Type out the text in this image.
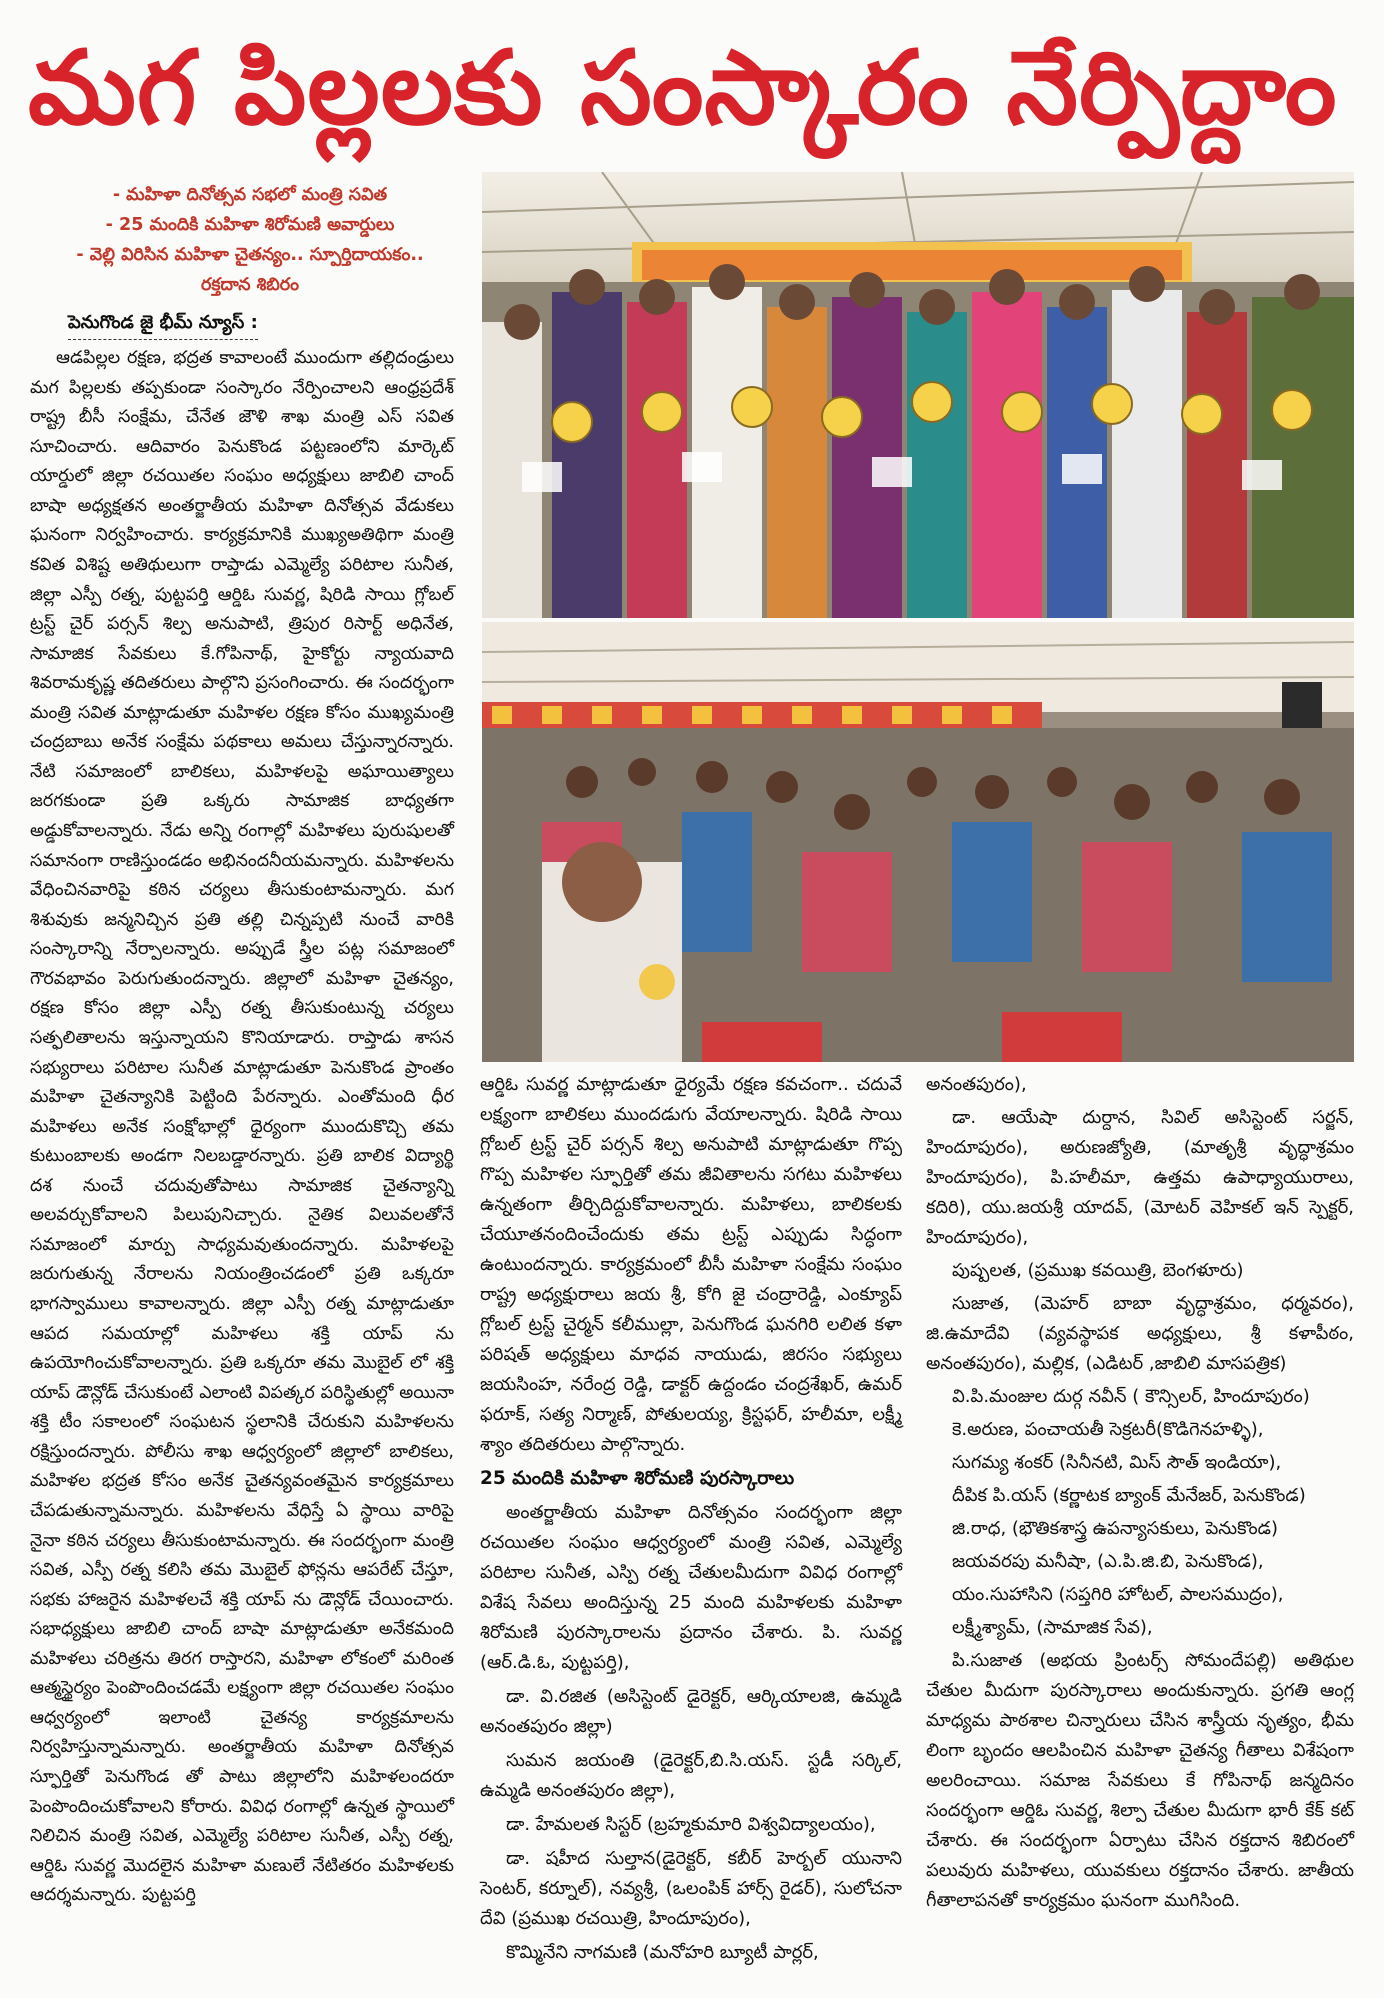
మగ పిల్లలకు సంస్కారం నేర్పిద్దాం

- మహిళా దినోత్సవ సభలో మంత్రి సవిత

- 25 మందికి మహిళా శిరోమణి అవార్డులు

- వెల్లి విరిసిన మహిళా చైతన్యం.. స్పూర్తిదాయకం..

రక్తదాన శిబిరం

పెనుగొండ జై భీమ్ న్యూస్ :

ఆడపిల్లల రక్షణ, భద్రత కావాలంటే ముందుగా తల్లిదండ్రులు మగ పిల్లలకు తప్పకుండా సంస్కారం నేర్పించాలని ఆంధ్రప్రదేశ్ రాష్ట్ర బీసీ సంక్షేమ, చేనేత జౌళి శాఖ మంత్రి ఎస్ సవిత సూచించారు. ఆదివారం పెనుకొండ పట్టణంలోని మార్కెట్ యార్డులో జిల్లా రచయితల సంఘం అధ్యక్షులు జాబిలి చాంద్ బాషా అధ్యక్షతన అంతర్జాతీయ మహిళా దినోత్సవ వేడుకలు ఘనంగా నిర్వహించారు. కార్యక్రమానికి ముఖ్యఅతిథిగా మంత్రి కవిత విశిష్ట అతిథులుగా రాప్తాడు ఎమ్మెల్యే పరిటాల సునీత, జిల్లా ఎస్పీ రత్న, పుట్టపర్తి ఆర్డిఓ సువర్ణ, షిరిడి సాయి గ్లోబల్ ట్రస్ట్ చైర్ పర్సన్ శిల్ప అనుపాటి, త్రిపుర రిసార్ట్ అధినేత, సామాజిక సేవకులు కే.గోపినాథ్, హైకోర్టు న్యాయవాది శివరామకృష్ణ తదితరులు పాల్గొని ప్రసంగించారు. ఈ సందర్భంగా మంత్రి సవిత మాట్లాడుతూ మహిళల రక్షణ కోసం ముఖ్యమంత్రి చంద్రబాబు అనేక సంక్షేమ పథకాలు అమలు చేస్తున్నారన్నారు. నేటి సమాజంలో బాలికలు, మహిళలపై అఘాయిత్యాలు జరగకుండా ప్రతి ఒక్కరు సామాజిక బాధ్యతగా అడ్డుకోవాలన్నారు. నేడు అన్ని రంగాల్లో మహిళలు పురుషులతో సమానంగా రాణిస్తుండడం అభినందనీయమన్నారు. మహిళలను వేధించినవారిపై కఠిన చర్యలు తీసుకుంటామన్నారు. మగ శిశువుకు జన్మనిచ్చిన ప్రతి తల్లి చిన్నప్పటి నుంచే వారికి సంస్కారాన్ని నేర్పాలన్నారు. అప్పుడే స్త్రీల పట్ల సమాజంలో గౌరవభావం పెరుగుతుందన్నారు. జిల్లాలో మహిళా చైతన్యం, రక్షణ కోసం జిల్లా ఎస్పీ రత్న తీసుకుంటున్న చర్యలు సత్ఫలితాలను ఇస్తున్నాయని కొనియాడారు. రాప్తాడు శాసన సభ్యురాలు పరిటాల సునీత మాట్లాడుతూ పెనుకొండ ప్రాంతం మహిళా చైతన్యానికి పెట్టింది పేరన్నారు. ఎంతోమంది ధీర మహిళలు అనేక సంక్షోభాల్లో ధైర్యంగా ముందుకొచ్చి తమ కుటుంబాలకు అండగా నిలబడ్డారన్నారు. ప్రతి బాలిక విద్యార్థి దశ నుంచే చదువుతోపాటు సామాజిక చైతన్యాన్ని అలవర్చుకోవాలని పిలుపునిచ్చారు. నైతిక విలువలతోనే సమాజంలో మార్పు సాధ్యమవుతుందన్నారు. మహిళలపై జరుగుతున్న నేరాలను నియంత్రించడంలో ప్రతి ఒక్కరూ భాగస్వాములు కావాలన్నారు. జిల్లా ఎస్పీ రత్న మాట్లాడుతూ ఆపద సమయాల్లో మహిళలు శక్తి యాప్ ను ఉపయోగించుకోవాలన్నారు. ప్రతి ఒక్కరూ తమ మొబైల్ లో శక్తి యాప్ డౌన్లోడ్ చేసుకుంటే ఎలాంటి విపత్కర పరిస్థితుల్లో అయినా శక్తి టీం సకాలంలో సంఘటన స్థలానికి చేరుకుని మహిళలను రక్షిస్తుందన్నారు. పోలీసు శాఖ ఆధ్వర్యంలో జిల్లాలో బాలికలు, మహిళల భద్రత కోసం అనేక చైతన్యవంతమైన కార్యక్రమాలు చేపడుతున్నామన్నారు. మహిళలను వేధిస్తే ఏ స్థాయి వారిపై నైనా కఠిన చర్యలు తీసుకుంటామన్నారు. ఈ సందర్భంగా మంత్రి సవిత, ఎస్పీ రత్న కలిసి తమ మొబైల్ ఫోన్లను ఆపరేట్ చేస్తూ, సభకు హాజరైన మహిళలచే శక్తి యాప్ ను డౌన్లోడ్ చేయించారు. సభాధ్యక్షులు జాబిలి చాంద్ బాషా మాట్లాడుతూ అనేకమంది మహిళలు చరిత్రను తిరగ రాస్తారని, మహిళా లోకంలో మరింత ఆత్మస్థైర్యం పెంపొందించడమే లక్ష్యంగా జిల్లా రచయితల సంఘం ఆధ్వర్యంలో ఇలాంటి చైతన్య కార్యక్రమాలను నిర్వహిస్తున్నామన్నారు. అంతర్జాతీయ మహిళా దినోత్సవ స్ఫూర్తితో పెనుగొండ తో పాటు జిల్లాలోని మహిళలందరూ పెంపొందించుకోవాలని కోరారు. వివిధ రంగాల్లో ఉన్నత స్థాయిలో నిలిచిన మంత్రి సవిత, ఎమ్మెల్యే పరిటాల సునీత, ఎస్పీ రత్న, ఆర్డిఓ సువర్ణ మొదలైన మహిళా మణులే నేటితరం మహిళలకు ఆదర్శమన్నారు. పుట్టపర్తి

ఆర్డిఓ సువర్ణ మాట్లాడుతూ ధైర్యమే రక్షణ కవచంగా.. చదువే లక్ష్యంగా బాలికలు ముందడుగు వేయాలన్నారు. షిరిడి సాయి గ్లోబల్ ట్రస్ట్ చైర్ పర్సన్ శిల్ప అనుపాటి మాట్లాడుతూ గొప్ప గొప్ప మహిళల స్ఫూర్తితో తమ జీవితాలను సగటు మహిళలు ఉన్నతంగా తీర్చిదిద్దుకోవాలన్నారు. మహిళలు, బాలికలకు చేయూతనందించేందుకు తమ ట్రస్ట్ ఎప్పుడు సిద్ధంగా ఉంటుందన్నారు. కార్యక్రమంలో బీసీ మహిళా సంక్షేమ సంఘం రాష్ట్ర అధ్యక్షురాలు జయ శ్రీ, కోగి జై చంద్రారెడ్డి, ఎంక్యూప్ గ్లోబల్ ట్రస్ట్ చైర్మన్ కలీముల్లా, పెనుగొండ ఘనగిరి లలిత కళా పరిషత్ అధ్యక్షులు మాధవ నాయుడు, జిరసం సభ్యులు జయసింహ, నరేంద్ర రెడ్డి, డాక్టర్ ఉద్దండం చంద్రశేఖర్, ఉమర్ ఫరూక్, సత్య నిర్మాణ్, పోతులయ్య, క్రిస్టఫర్, హలీమా, లక్ష్మీ శ్యాం తదితరులు పాల్గొన్నారు.

25 మందికి మహిళా శిరోమణి పురస్కారాలు

అంతర్జాతీయ మహిళా దినోత్సవం సందర్భంగా జిల్లా రచయితల సంఘం ఆధ్వర్యంలో మంత్రి సవిత, ఎమ్మెల్యే పరిటాల సునీత, ఎస్పి రత్న చేతులమీదుగా వివిధ రంగాల్లో విశేష సేవలు అందిస్తున్న 25 మంది మహిళలకు మహిళా శిరోమణి పురస్కారాలను ప్రదానం చేశారు. పి. సువర్ణ (ఆర్.డి.ఓ, పుట్టపర్తి),

డా. వి.రజిత (అసిస్టెంట్ డైరెక్టర్, ఆర్కియాలజి, ఉమ్మడి అనంతపురం జిల్లా)

సుమన జయంతి (డైరెక్టర్,బి.సి.యస్. స్టడీ సర్కిల్, ఉమ్మడి అనంతపురం జిల్లా),

డా. హేమలత సిస్టర్ (బ్రహ్మకుమారి విశ్వవిద్యాలయం),

డా. షహీద సుల్తాన(డైరెక్టర్, కబీర్ హెర్బల్ యునాని సెంటర్, కర్నూల్), నవ్యశ్రీ, (ఒలంపిక్ హార్స్ రైడర్), సులోచనా దేవి (ప్రముఖ రచయిత్రి, హిందూపురం),

కొమ్మినేని నాగమణి (మనోహరి బ్యూటీ పార్లర్,

అనంతపురం),

డా. ఆయేషా దుర్దాన, సివిల్ అసిస్టెంట్ సర్జన్, హిందూపురం), అరుణజ్యోతి, (మాతృశ్రీ వృద్ధాశ్రమం హిందూపురం), పి.హలీమా, ఉత్తమ ఉపాధ్యాయురాలు, కదిరి), యు.జయశ్రీ యాదవ్, (మోటర్ వెహికల్ ఇన్ స్పెక్టర్, హిందూపురం),

పుష్పలత, (ప్రముఖ కవయిత్రి, బెంగళూరు)

సుజాత, (మెహర్ బాబా వృద్ధాశ్రమం, ధర్మవరం), జి.ఉమాదేవి (వ్యవస్థాపక అధ్యక్షులు, శ్రీ కళాపీఠం, అనంతపురం), మల్లిక, (ఎడిటర్ ,జాబిలి మాసపత్రిక)

వి.పి.మంజుల దుర్గ నవీన్ ( కౌన్సిలర్, హిందూపురం)

కె.అరుణ, పంచాయతీ సెక్రటరీ(కొడిగెనహళ్ళి),

సుగమ్య శంకర్ (సినీనటి, మిస్ సౌత్ ఇండియా),

దీపిక పి.యస్ (కర్ణాటక బ్యాంక్ మేనేజర్, పెనుకొండ)

జి.రాధ, (భౌతికశాస్త్ర ఉపన్యాసకులు, పెనుకొండ)

జయవరపు మనీషా, (ఎ.పి.జి.బి, పెనుకొండ),

యం.సుహాసిని (సప్తగిరి హోటల్, పాలసముద్రం),

లక్ష్మీశ్యామ్, (సామాజిక సేవ),

పి.సుజాత (అభయ ప్రింటర్స్ సోమందేపల్లి) అతిథుల చేతుల మీదుగా పురస్కారాలు అందుకున్నారు. ప్రగతి ఆంగ్ల మాధ్యమ పాఠశాల చిన్నారులు చేసిన శాస్త్రీయ నృత్యం, భీమ లింగా బృందం ఆలపించిన మహిళా చైతన్య గీతాలు విశేషంగా అలరించాయి. సమాజ సేవకులు కే గోపినాథ్ జన్మదినం సందర్భంగా ఆర్డిఓ సువర్ణ, శిల్పా చేతుల మీదుగా భారీ కేక్ కట్ చేశారు. ఈ సందర్భంగా ఏర్పాటు చేసిన రక్తదాన శిబిరంలో పలువురు మహిళలు, యువకులు రక్తదానం చేశారు. జాతీయ గీతాలాపనతో కార్యక్రమం ఘనంగా ముగిసింది.
